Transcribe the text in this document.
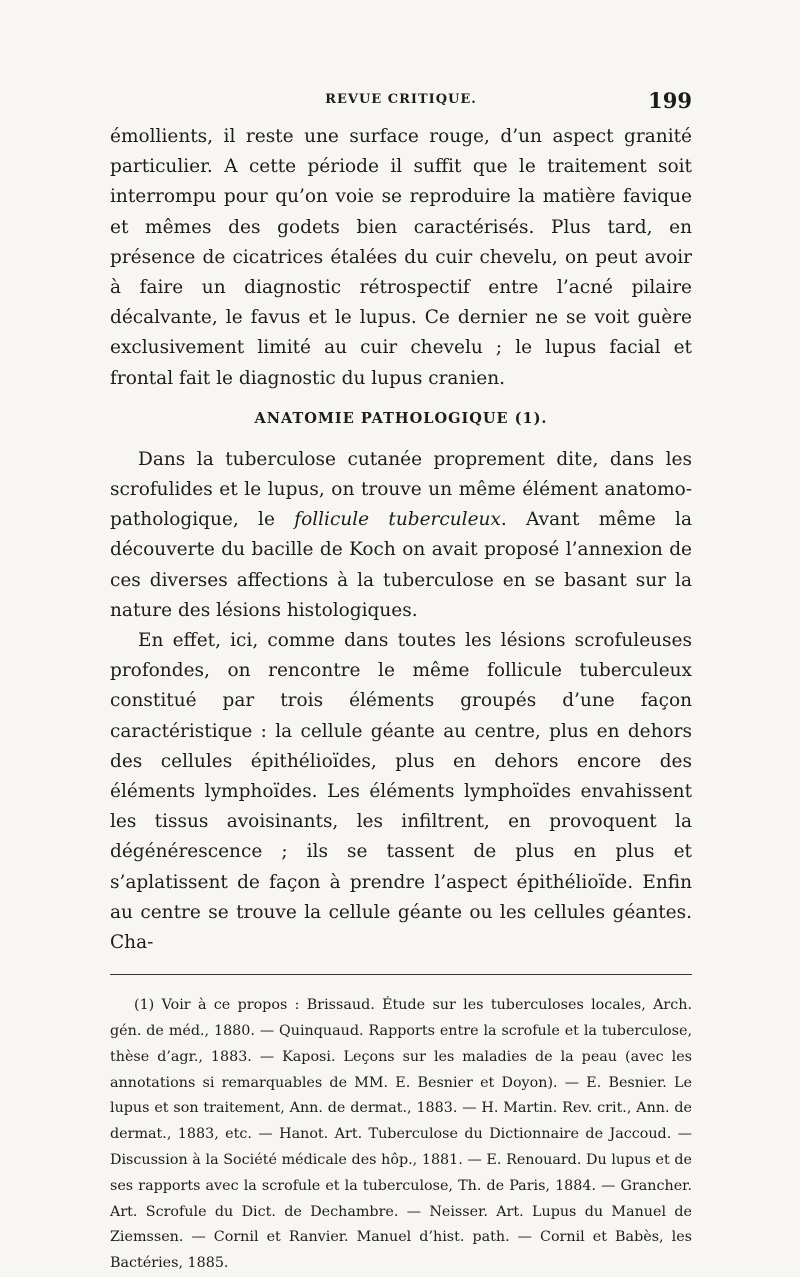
REVUE CRITIQUE.	199

émollients, il reste une surface rouge, d’un aspect granité particulier. A cette période il suffit que le traitement soit interrompu pour qu’on voie se reproduire la matière favique et mêmes des godets bien caractérisés. Plus tard, en présence de cicatrices étalées du cuir chevelu, on peut avoir à faire un diagnostic rétrospectif entre l’acné pilaire décalvante, le favus et le lupus. Ce dernier ne se voit guère exclusivement limité au cuir chevelu ; le lupus facial et frontal fait le diagnostic du lupus cranien.

ANATOMIE PATHOLOGIQUE (1).

Dans la tuberculose cutanée proprement dite, dans les scrofulides et le lupus, on trouve un même élément anatomo-pathologique, le follicule tuberculeux. Avant même la découverte du bacille de Koch on avait proposé l’annexion de ces diverses affections à la tuberculose en se basant sur la nature des lésions histologiques.

En effet, ici, comme dans toutes les lésions scrofuleuses profondes, on rencontre le même follicule tuberculeux constitué par trois éléments groupés d’une façon caractéristique : la cellule géante au centre, plus en dehors des cellules épithélioïdes, plus en dehors encore des éléments lymphoïdes. Les éléments lymphoïdes envahissent les tissus avoisinants, les infiltrent, en provoquent la dégénérescence ; ils se tassent de plus en plus et s’aplatissent de façon à prendre l’aspect épithélioïde. Enfin au centre se trouve la cellule géante ou les cellules géantes. Cha-

(1) Voir à ce propos : Brissaud. Étude sur les tuberculoses locales, Arch. gén. de méd., 1880. — Quinquaud. Rapports entre la scrofule et la tuberculose, thèse d’agr., 1883. — Kaposi. Leçons sur les maladies de la peau (avec les annotations si remarquables de MM. E. Besnier et Doyon). — E. Besnier. Le lupus et son traitement, Ann. de dermat., 1883. — H. Martin. Rev. crit., Ann. de dermat., 1883, etc. — Hanot. Art. Tuberculose du Dictionnaire de Jaccoud. — Discussion à la Société médicale des hôp., 1881. — E. Renouard. Du lupus et de ses rapports avec la scrofule et la tuberculose, Th. de Paris, 1884. — Grancher. Art. Scrofule du Dict. de Dechambre. — Neisser. Art. Lupus du Manuel de Ziemssen. — Cornil et Ranvier. Manuel d’hist. path. — Cornil et Babès, les Bactéries, 1885.
